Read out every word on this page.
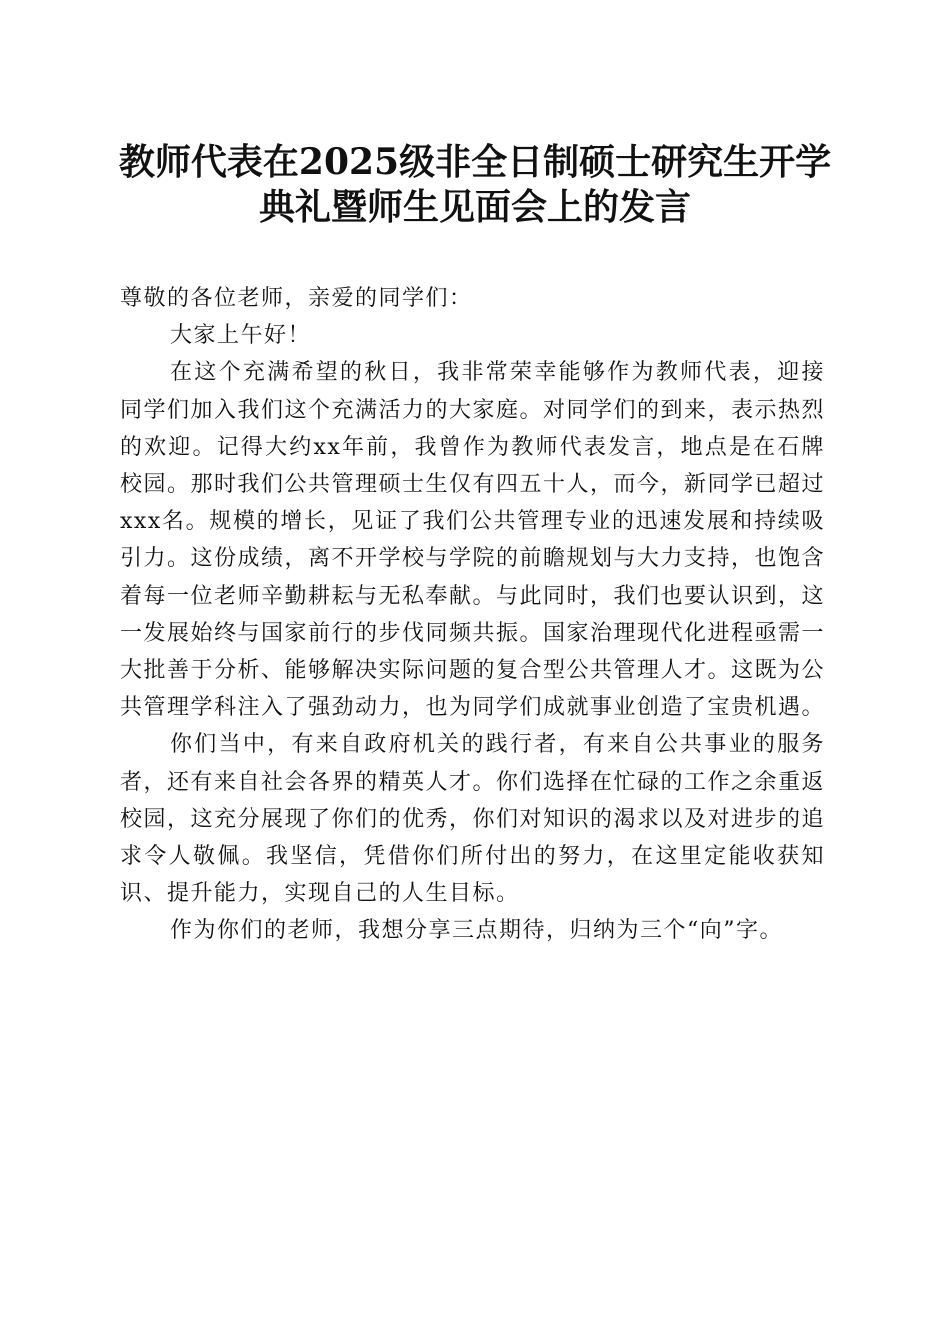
教师代表在2025级非全日制硕士研究生开学
典礼暨师生见面会上的发言

尊敬的各位老师，亲爱的同学们：

大家上午好！

在这个充满希望的秋日，我非常荣幸能够作为教师代表，迎接同学们加入我们这个充满活力的大家庭。对同学们的到来，表示热烈的欢迎。记得大约xx年前，我曾作为教师代表发言，地点是在石牌校园。那时我们公共管理硕士生仅有四五十人，而今，新同学已超过xxx名。规模的增长，见证了我们公共管理专业的迅速发展和持续吸引力。这份成绩，离不开学校与学院的前瞻规划与大力支持，也饱含着每一位老师辛勤耕耘与无私奉献。与此同时，我们也要认识到，这一发展始终与国家前行的步伐同频共振。国家治理现代化进程亟需一大批善于分析、能够解决实际问题的复合型公共管理人才。这既为公共管理学科注入了强劲动力，也为同学们成就事业创造了宝贵机遇。

你们当中，有来自政府机关的践行者，有来自公共事业的服务者，还有来自社会各界的精英人才。你们选择在忙碌的工作之余重返校园，这充分展现了你们的优秀，你们对知识的渴求以及对进步的追求令人敬佩。我坚信，凭借你们所付出的努力，在这里定能收获知识、提升能力，实现自己的人生目标。

作为你们的老师，我想分享三点期待，归纳为三个“向”字。
